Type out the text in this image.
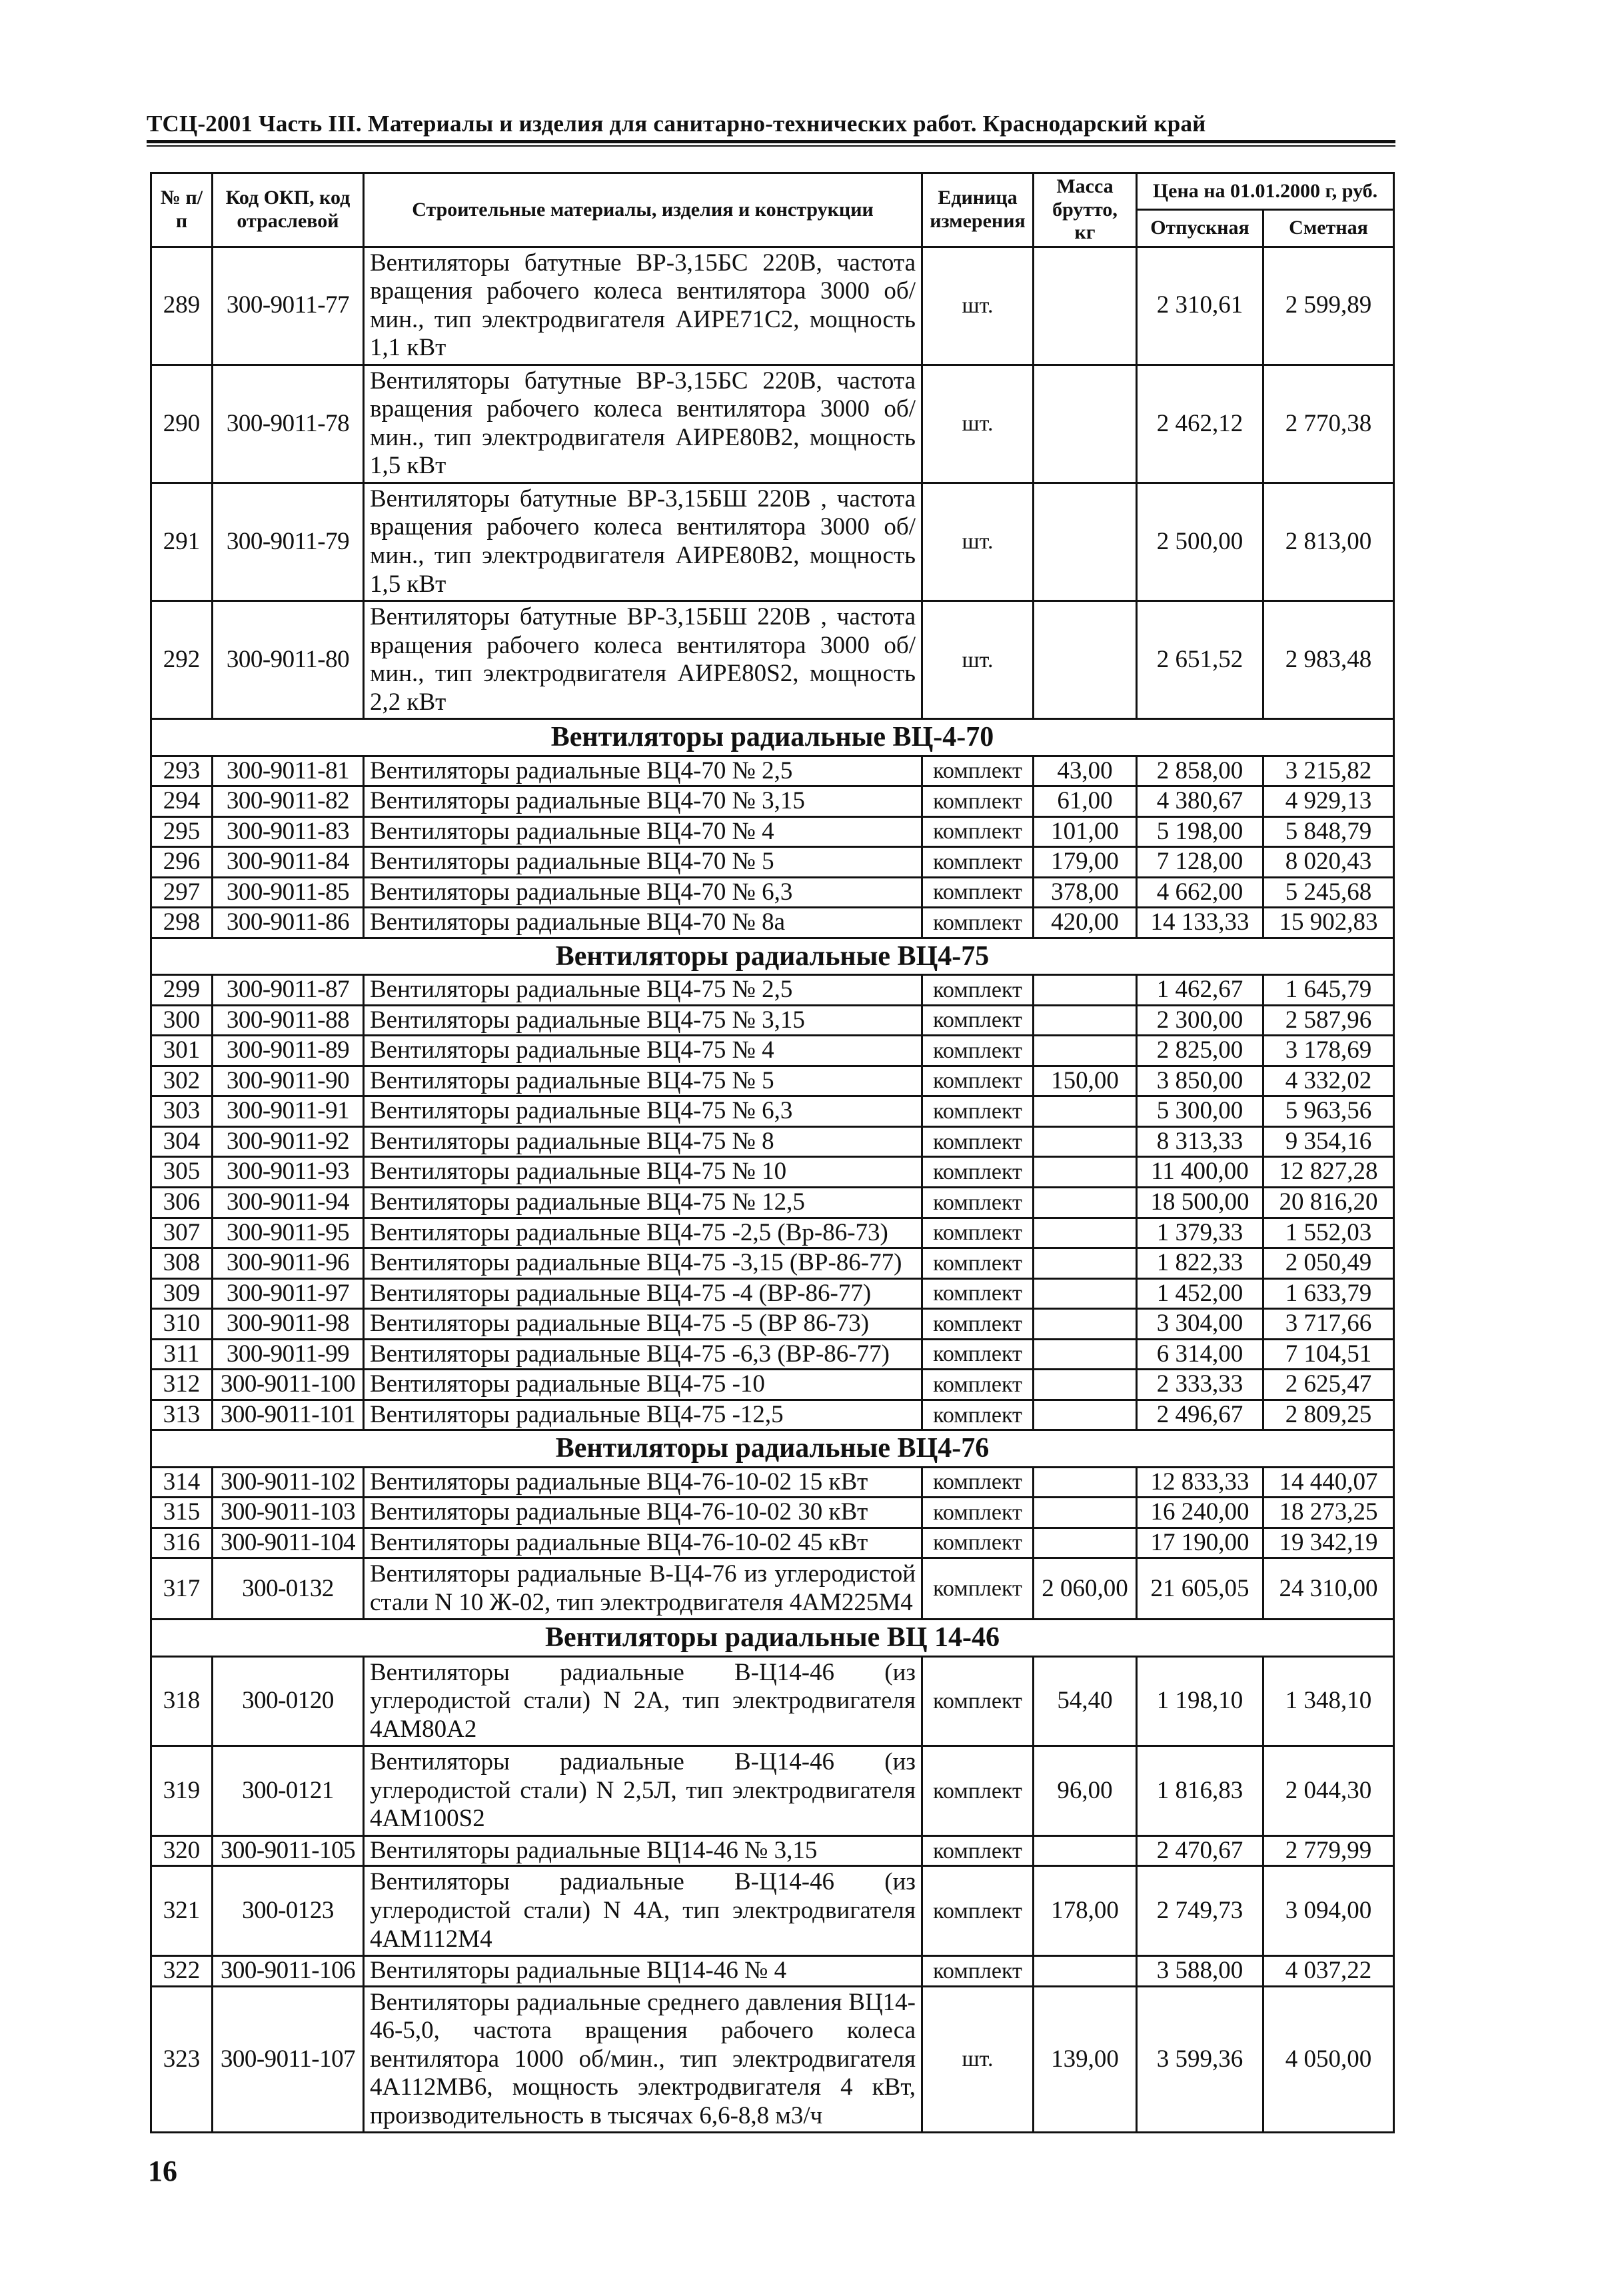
ТСЦ-2001 Часть III. Материалы и изделия для санитарно-технических работ. Краснодарский край
№ п/п	Код ОКП, код отраслевой	Строительные материалы, изделия и конструкции	Единица измерения	Масса брутто, кг	Цена на 01.01.2000 г, руб.	
					Отпускная	Сметная
289	300-9011-77	Вентиляторы батутные ВР-3,15БС 220В, частота вращения рабочего колеса вентилятора 3000 об/мин., тип электродвигателя АИРЕ71С2, мощность 1,1 кВт	шт.		2 310,61	2 599,89
290	300-9011-78	Вентиляторы батутные ВР-3,15БС 220В, частота вращения рабочего колеса вентилятора 3000 об/мин., тип электродвигателя АИРЕ80В2, мощность 1,5 кВт	шт.		2 462,12	2 770,38
291	300-9011-79	Вентиляторы батутные ВР-3,15БШ 220В , частота вращения рабочего колеса вентилятора 3000 об/мин., тип электродвигателя АИРЕ80В2, мощность 1,5 кВт	шт.		2 500,00	2 813,00
292	300-9011-80	Вентиляторы батутные ВР-3,15БШ 220В , частота вращения рабочего колеса вентилятора 3000 об/мин., тип электродвигателя АИРЕ80S2, мощность 2,2 кВт	шт.		2 651,52	2 983,48
Вентиляторы радиальные ВЦ-4-70						
293	300-9011-81	Вентиляторы радиальные ВЦ4-70 № 2,5	комплект	43,00	2 858,00	3 215,82
294	300-9011-82	Вентиляторы радиальные ВЦ4-70 № 3,15	комплект	61,00	4 380,67	4 929,13
295	300-9011-83	Вентиляторы радиальные ВЦ4-70 № 4	комплект	101,00	5 198,00	5 848,79
296	300-9011-84	Вентиляторы радиальные ВЦ4-70 № 5	комплект	179,00	7 128,00	8 020,43
297	300-9011-85	Вентиляторы радиальные ВЦ4-70 № 6,3	комплект	378,00	4 662,00	5 245,68
298	300-9011-86	Вентиляторы радиальные ВЦ4-70 № 8а	комплект	420,00	14 133,33	15 902,83
Вентиляторы радиальные ВЦ4-75						
299	300-9011-87	Вентиляторы радиальные ВЦ4-75 № 2,5	комплект		1 462,67	1 645,79
300	300-9011-88	Вентиляторы радиальные ВЦ4-75 № 3,15	комплект		2 300,00	2 587,96
301	300-9011-89	Вентиляторы радиальные ВЦ4-75 № 4	комплект		2 825,00	3 178,69
302	300-9011-90	Вентиляторы радиальные ВЦ4-75 № 5	комплект	150,00	3 850,00	4 332,02
303	300-9011-91	Вентиляторы радиальные ВЦ4-75 № 6,3	комплект		5 300,00	5 963,56
304	300-9011-92	Вентиляторы радиальные ВЦ4-75 № 8	комплект		8 313,33	9 354,16
305	300-9011-93	Вентиляторы радиальные ВЦ4-75 № 10	комплект		11 400,00	12 827,28
306	300-9011-94	Вентиляторы радиальные ВЦ4-75 № 12,5	комплект		18 500,00	20 816,20
307	300-9011-95	Вентиляторы радиальные ВЦ4-75 -2,5 (Вр-86-73)	комплект		1 379,33	1 552,03
308	300-9011-96	Вентиляторы радиальные ВЦ4-75 -3,15 (ВР-86-77)	комплект		1 822,33	2 050,49
309	300-9011-97	Вентиляторы радиальные ВЦ4-75 -4 (ВР-86-77)	комплект		1 452,00	1 633,79
310	300-9011-98	Вентиляторы радиальные ВЦ4-75 -5 (ВР 86-73)	комплект		3 304,00	3 717,66
311	300-9011-99	Вентиляторы радиальные ВЦ4-75 -6,3 (ВР-86-77)	комплект		6 314,00	7 104,51
312	300-9011-100	Вентиляторы радиальные ВЦ4-75 -10	комплект		2 333,33	2 625,47
313	300-9011-101	Вентиляторы радиальные ВЦ4-75 -12,5	комплект		2 496,67	2 809,25
Вентиляторы радиальные ВЦ4-76						
314	300-9011-102	Вентиляторы радиальные ВЦ4-76-10-02 15 кВт	комплект		12 833,33	14 440,07
315	300-9011-103	Вентиляторы радиальные ВЦ4-76-10-02 30 кВт	комплект		16 240,00	18 273,25
316	300-9011-104	Вентиляторы радиальные ВЦ4-76-10-02 45 кВт	комплект		17 190,00	19 342,19
317	300-0132	Вентиляторы радиальные В-Ц4-76 из углеродистой стали N 10 Ж-02, тип электродвигателя 4АМ225М4	комплект	2 060,00	21 605,05	24 310,00
Вентиляторы радиальные ВЦ 14-46						
318	300-0120	Вентиляторы радиальные В-Ц14-46 (из углеродистой стали) N 2А, тип электродвигателя 4АМ80А2	комплект	54,40	1 198,10	1 348,10
319	300-0121	Вентиляторы радиальные В-Ц14-46 (из углеродистой стали) N 2,5Л, тип электродвигателя 4АМ100S2	комплект	96,00	1 816,83	2 044,30
320	300-9011-105	Вентиляторы радиальные ВЦ14-46 № 3,15	комплект		2 470,67	2 779,99
321	300-0123	Вентиляторы радиальные В-Ц14-46 (из углеродистой стали) N 4А, тип электродвигателя 4АМ112М4	комплект	178,00	2 749,73	3 094,00
322	300-9011-106	Вентиляторы радиальные ВЦ14-46 № 4	комплект		3 588,00	4 037,22
323	300-9011-107	Вентиляторы радиальные среднего давления ВЦ14-46-5,0, частота вращения рабочего колеса вентилятора 1000 об/мин., тип электродвигателя 4А112МВ6, мощность электродвигателя 4 кВт, производительность в тысячах 6,6-8,8 м3/ч	шт.	139,00	3 599,36	4 050,00
16
